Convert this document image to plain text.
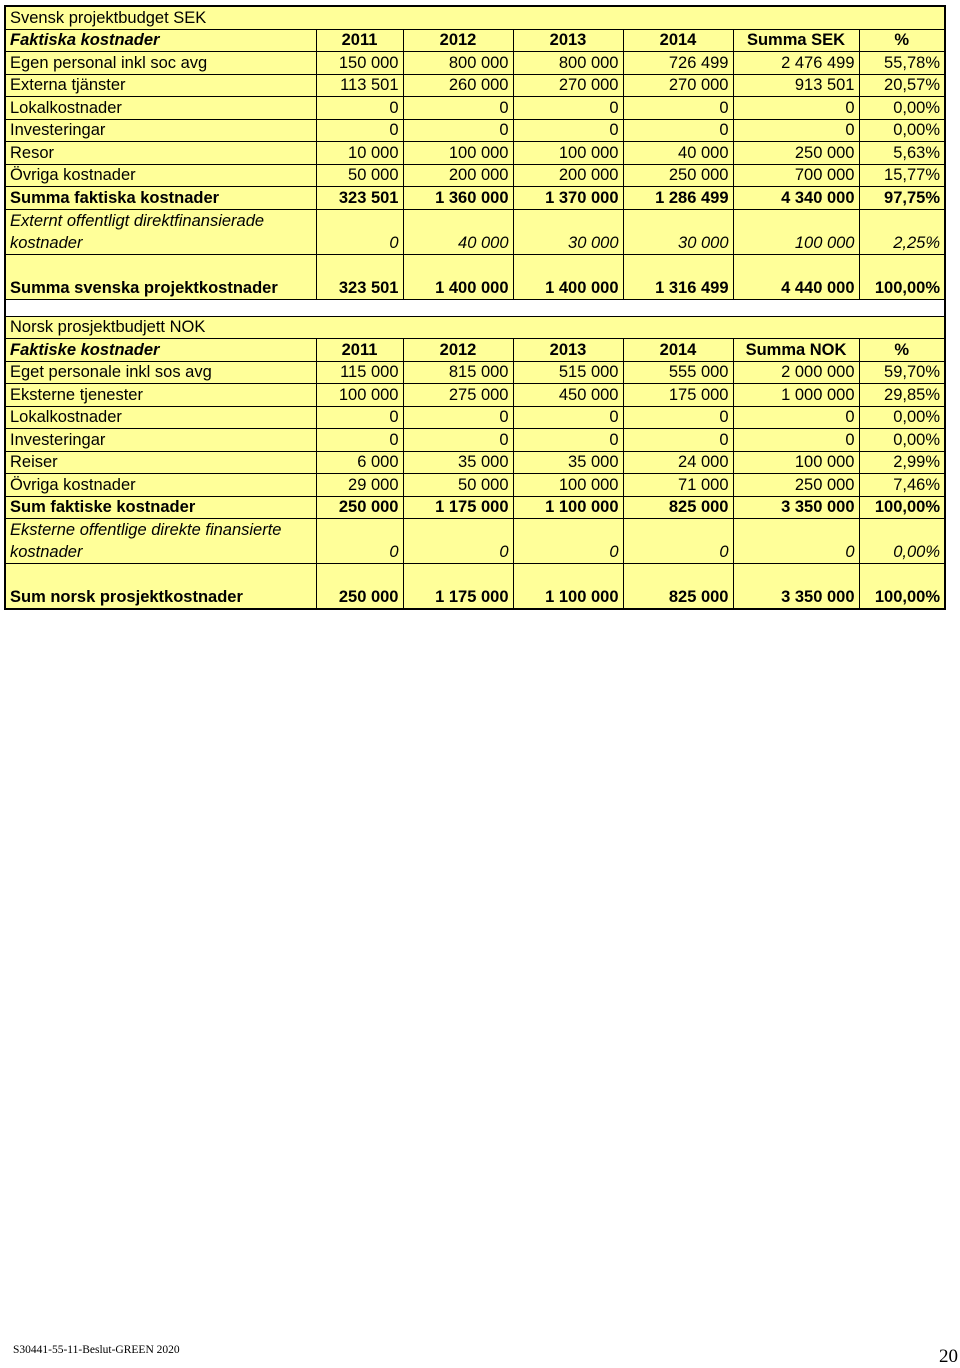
Svensk projektbudget SEK						
Faktiska kostnader	2011	2012	2013	2014	Summa SEK	%
Egen personal inkl soc avg	150 000	800 000	800 000	726 499	2 476 499	55,78%
Externa tjänster	113 501	260 000	270 000	270 000	913 501	20,57%
Lokalkostnader	0	0	0	0	0	0,00%
Investeringar	0	0	0	0	0	0,00%
Resor	10 000	100 000	100 000	40 000	250 000	5,63%
Övriga kostnader	50 000	200 000	200 000	250 000	700 000	15,77%
Summa faktiska kostnader	323 501	1 360 000	1 370 000	1 286 499	4 340 000	97,75%
Externt offentligt direktfinansierade kostnader	0	40 000	30 000	30 000	100 000	2,25%
Summa svenska projektkostnader	323 501	1 400 000	1 400 000	1 316 499	4 440 000	100,00%

Norsk prosjektbudjett NOK						
Faktiske kostnader	2011	2012	2013	2014	Summa NOK	%
Eget personale inkl sos avg	115 000	815 000	515 000	555 000	2 000 000	59,70%
Eksterne tjenester	100 000	275 000	450 000	175 000	1 000 000	29,85%
Lokalkostnader	0	0	0	0	0	0,00%
Investeringar	0	0	0	0	0	0,00%
Reiser	6 000	35 000	35 000	24 000	100 000	2,99%
Övriga kostnader	29 000	50 000	100 000	71 000	250 000	7,46%
Sum faktiske kostnader	250 000	1 175 000	1 100 000	825 000	3 350 000	100,00%
Eksterne offentlige direkte finansierte kostnader	0	0	0	0	0	0,00%
Sum norsk prosjektkostnader	250 000	1 175 000	1 100 000	825 000	3 350 000	100,00%
S30441-55-11-Beslut-GREEN 2020	20
